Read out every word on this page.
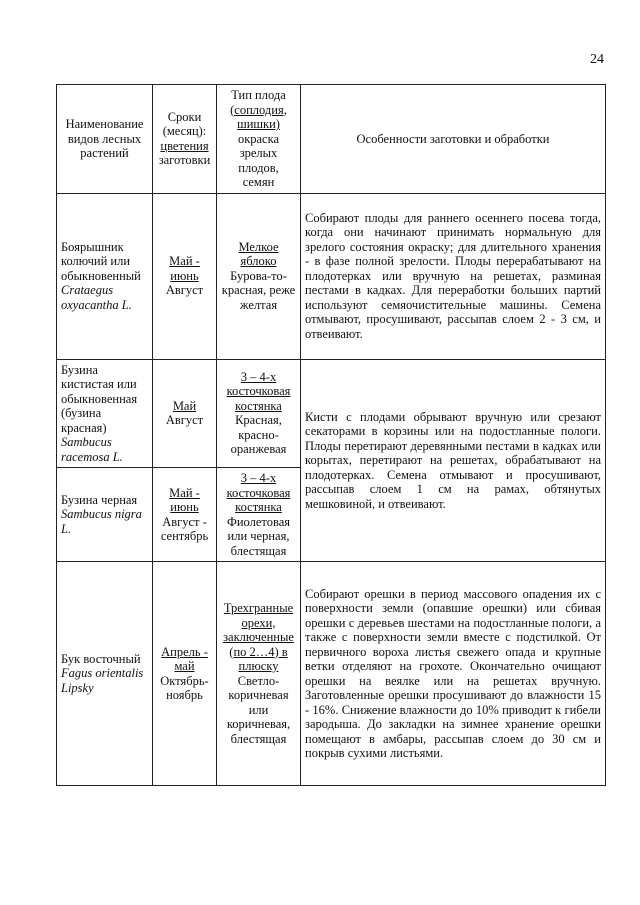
24
Наименование видов лесных растений	Сроки
(месяц):
цветения
заготовки	Тип плода
(соплодия, шишки)
окраска зрелых плодов, семян	Особенности заготовки и обработки

Боярышник колючий или обыкновенный
Crataegus oxyacantha L.	Май - июнь
Август	Мелкое яблоко
Бурова-то-красная, реже желтая	Собирают плоды для раннего осеннего посева тогда, когда они начинают принимать нормальную для зрелого состояния окраску; для длительного хранения - в фазе полной зрелости. Плоды перерабатывают на плодотерках или вручную на решетах, разминая пестами в кадках. Для переработки больших партий используют семяочистительные машины. Семена отмывают, просушивают, рассыпав слоем 2 - 3 см, и отвеивают.

Бузина кистистая или обыкновенная (бузина красная)
Sambucus racemosa L.	Май
Август	3 – 4-х косточковая костянка
Красная, красно-оранжевая	Кисти с плодами обрывают вручную или срезают секаторами в корзины или на подостланные пологи. Плоды перетирают деревянными пестами в кадках или корытах, перетирают на решетах, обрабатывают на плодотерках. Семена отмывают и просушивают, рассыпав слоем 1 см на рамах, обтянутых мешковиной, и отвеивают.

Бузина черная
Sambucus nigra L.	Май - июнь
Август - сентябрь	3 – 4-х косточковая костянка
Фиолетовая или черная, блестящая	

Бук восточный
Fagus orientalis Lipsky	Апрель - май
Октябрь-ноябрь	Трехгранные орехи, заключенные (по 2…4) в плюску
Светло-коричневая или коричневая, блестящая	Собирают орешки в период массового опадения их с поверхности земли (опавшие орешки) или сбивая орешки с деревьев шестами на подостланные пологи, а также с поверхности земли вместе с подстилкой. От первичного вороха листья свежего опада и крупные ветки отделяют на грохоте. Окончательно очищают орешки на веялке или на решетах вручную. Заготовленные орешки просушивают до влажности 15 - 16%. Снижение влажности до 10% приводит к гибели зародыша. До закладки на зимнее хранение орешки помещают в амбары, рассыпав слоем до 30 см и покрыв сухими листьями.
